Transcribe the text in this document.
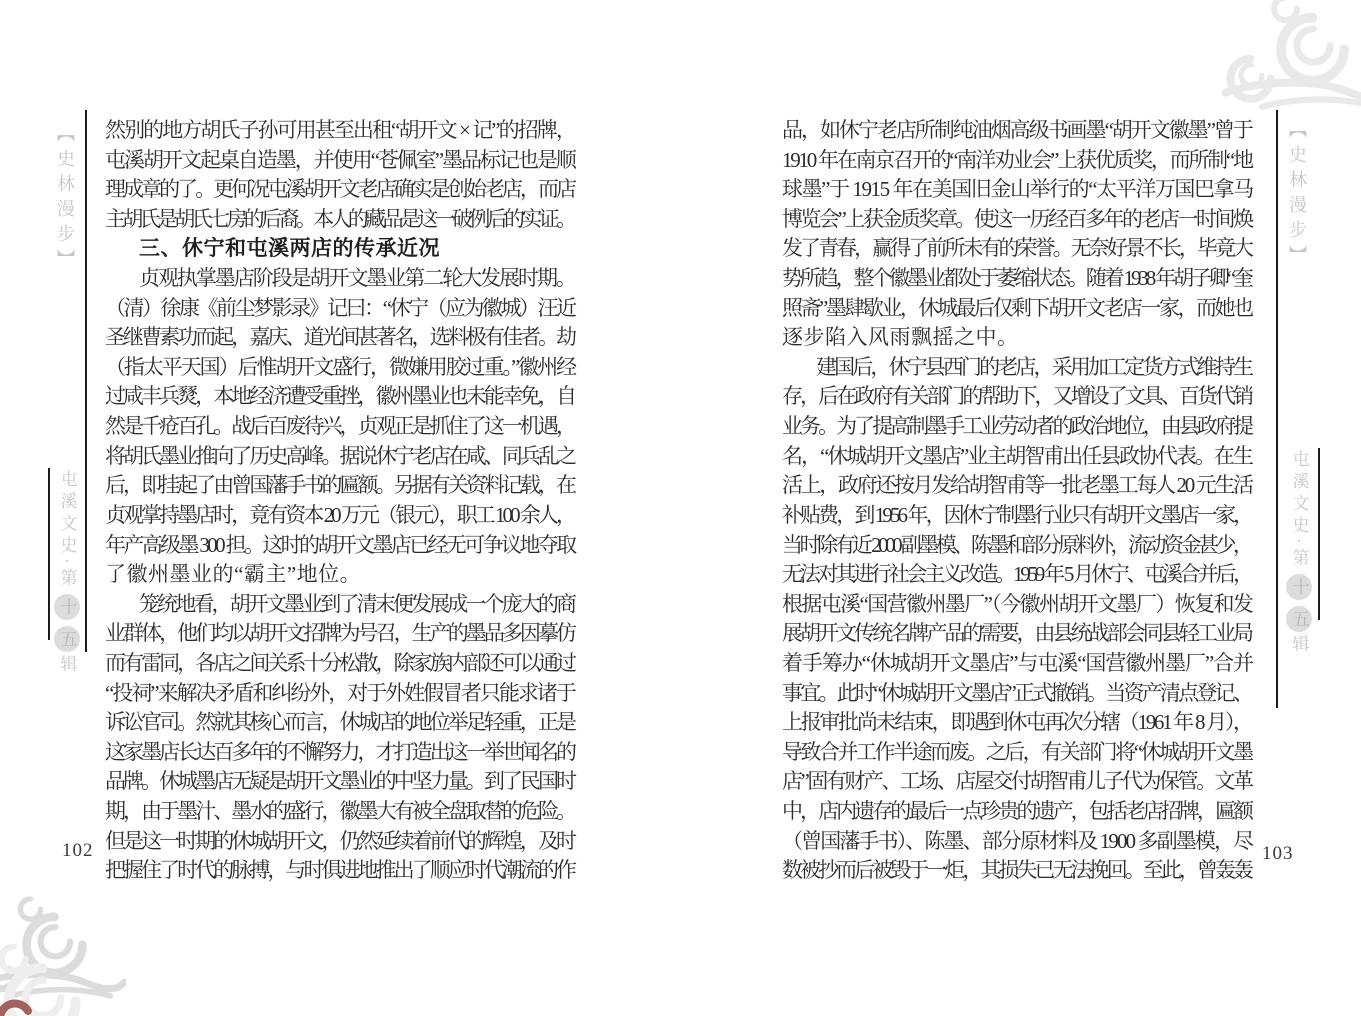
【史林漫步】
屯溪文史·第十五辑
【史林漫步】
屯溪文史·第十五辑

然别的地方胡氏子孙可用甚至出租“胡开文 × 记”的招牌，

屯溪胡开文起桌自造墨，并使用“苍佩室”墨品标记也是顺

理成章的了。更何况屯溪胡开文老店确实是创始老店，而店

主胡氏是胡氏七房的后裔。本人的藏品是这一破例后的实证。

三、休宁和屯溪两店的传承近况

贞观执掌墨店阶段是胡开文墨业第二轮大发展时期。

（清）徐康《前尘梦影录》记曰：“休宁（应为徽城）汪近

圣继曹素功而起，嘉庆、道光间甚著名，选料极有佳者。劫

（指太平天国）后惟胡开文盛行，微嫌用胶过重。”徽州经

过咸丰兵燹，本地经济遭受重挫，徽州墨业也未能幸免，自

然是千疮百孔。战后百废待兴，贞观正是抓住了这一机遇，

将胡氏墨业推向了历史高峰。据说休宁老店在咸、同兵乱之

后，即挂起了由曾国藩手书的匾额。另据有关资料记载，在

贞观掌持墨店时，竟有资本 20 万元（银元），职工 100 余人，

年产高级墨 300 担。这时的胡开文墨店已经无可争议地夺取

了徽州墨业的“霸主”地位。

笼统地看，胡开文墨业到了清末便发展成一个庞大的商

业群体，他们均以胡开文招牌为号召，生产的墨品多因摹仿

而有雷同，各店之间关系十分松散，除家族内部还可以通过

“投祠”来解决矛盾和纠纷外，对于外姓假冒者只能求诸于

诉讼官司。然就其核心而言，休城店的地位举足轻重，正是

这家墨店长达百多年的不懈努力，才打造出这一举世闻名的

品牌。休城墨店无疑是胡开文墨业的中坚力量。到了民国时

期，由于墨汁、墨水的盛行，徽墨大有被全盘取替的危险。

但是这一时期的休城胡开文，仍然延续着前代的辉煌，及时

把握住了时代的脉搏，与时俱进地推出了顺应时代潮流的作

102

品，如休宁老店所制纯油烟高级书画墨“胡开文徽墨”曾于

1910 年在南京召开的“南洋劝业会”上获优质奖，而所制“地

球墨”于 1915 年在美国旧金山举行的“太平洋万国巴拿马

博览会”上获金质奖章。使这一历经百多年的老店一时间焕

发了青春，赢得了前所未有的荣誉。无奈好景不长，毕竟大

势所趋，整个徽墨业都处于萎缩状态。随着 1938 年胡子卿“奎

照斋”墨肆歇业，休城最后仅剩下胡开文老店一家，而她也

逐步陷入风雨飘摇之中。

建国后，休宁县西门的老店，采用加工定货方式维持生

存，后在政府有关部门的帮助下，又增设了文具、百货代销

业务。为了提高制墨手工业劳动者的政治地位，由县政府提

名，“休城胡开文墨店”业主胡智甫出任县政协代表。在生

活上，政府还按月发给胡智甫等一批老墨工每人 20 元生活

补贴费，到 1956 年，因休宁制墨行业只有胡开文墨店一家，

当时除有近 2000 副墨模、陈墨和部分原料外，流动资金甚少，

无法对其进行社会主义改造。1959 年 5 月休宁、屯溪合并后，

根据屯溪“国营徽州墨厂”（今徽州胡开文墨厂）恢复和发

展胡开文传统名牌产品的需要，由县统战部会同县轻工业局

着手筹办“休城胡开文墨店”与屯溪“国营徽州墨厂”合并

事宜。此时“休城胡开文墨店”正式撤销。当资产清点登记、

上报审批尚未结束，即遇到休屯再次分辖（1961 年 8 月），

导致合并工作半途而废。之后，有关部门将“休城胡开文墨

店”固有财产、工场、店屋交付胡智甫儿子代为保管。文革

中，店内遗存的最后一点珍贵的遗产，包括老店招牌，匾额

（曾国藩手书）、陈墨、部分原材料及 1900 多副墨模，尽

数被抄而后被毁于一炬，其损失已无法挽回。至此，曾轰轰

103
